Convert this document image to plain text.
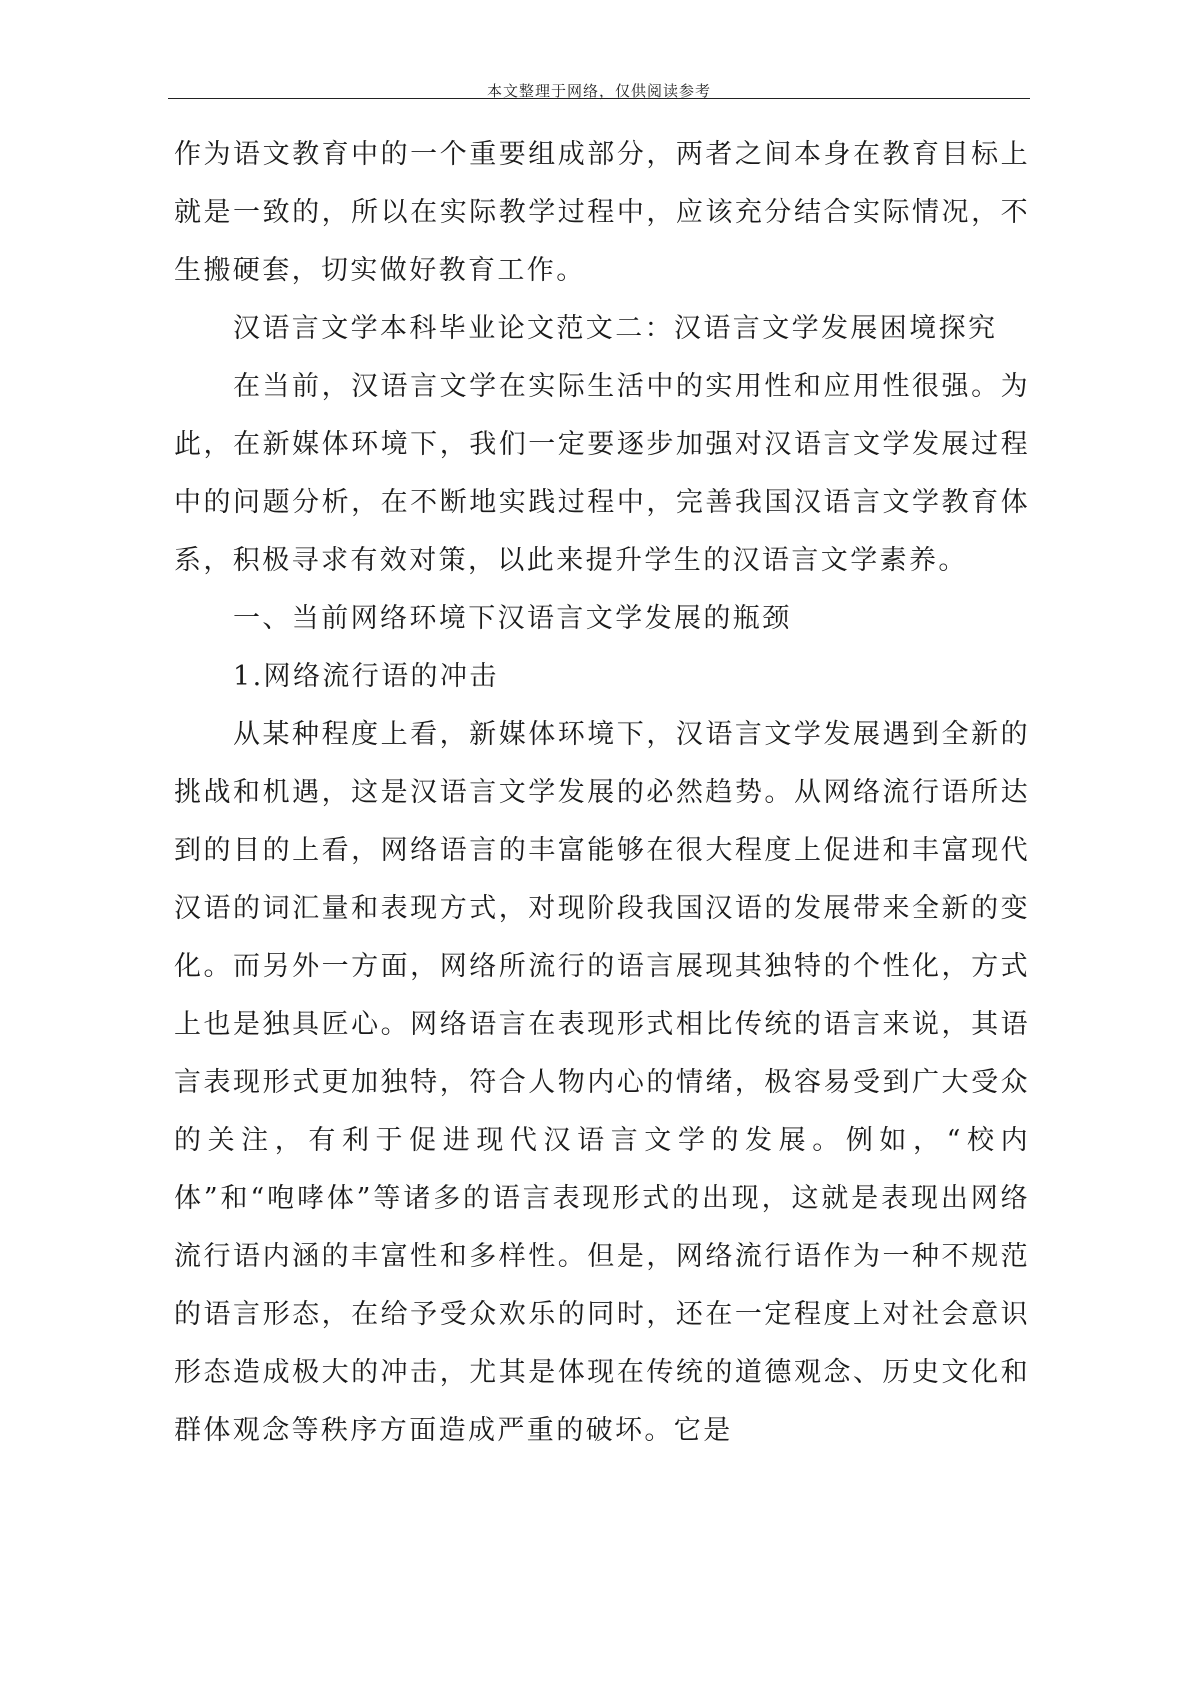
本文整理于网络，仅供阅读参考

作为语文教育中的一个重要组成部分，两者之间本身在教育目标上就是一致的，所以在实际教学过程中，应该充分结合实际情况，不生搬硬套，切实做好教育工作。

汉语言文学本科毕业论文范文二：汉语言文学发展困境探究

在当前，汉语言文学在实际生活中的实用性和应用性很强。为此，在新媒体环境下，我们一定要逐步加强对汉语言文学发展过程中的问题分析，在不断地实践过程中，完善我国汉语言文学教育体系，积极寻求有效对策，以此来提升学生的汉语言文学素养。

一、当前网络环境下汉语言文学发展的瓶颈

1.网络流行语的冲击

从某种程度上看，新媒体环境下，汉语言文学发展遇到全新的挑战和机遇，这是汉语言文学发展的必然趋势。从网络流行语所达到的目的上看，网络语言的丰富能够在很大程度上促进和丰富现代汉语的词汇量和表现方式，对现阶段我国汉语的发展带来全新的变化。而另外一方面，网络所流行的语言展现其独特的个性化，方式上也是独具匠心。网络语言在表现形式相比传统的语言来说，其语言表现形式更加独特，符合人物内心的情绪，极容易受到广大受众的关注，有利于促进现代汉语言文学的发展。例如，“校内体”和“咆哮体”等诸多的语言表现形式的出现，这就是表现出网络流行语内涵的丰富性和多样性。但是，网络流行语作为一种不规范的语言形态，在给予受众欢乐的同时，还在一定程度上对社会意识形态造成极大的冲击，尤其是体现在传统的道德观念、历史文化和群体观念等秩序方面造成严重的破坏。它是
